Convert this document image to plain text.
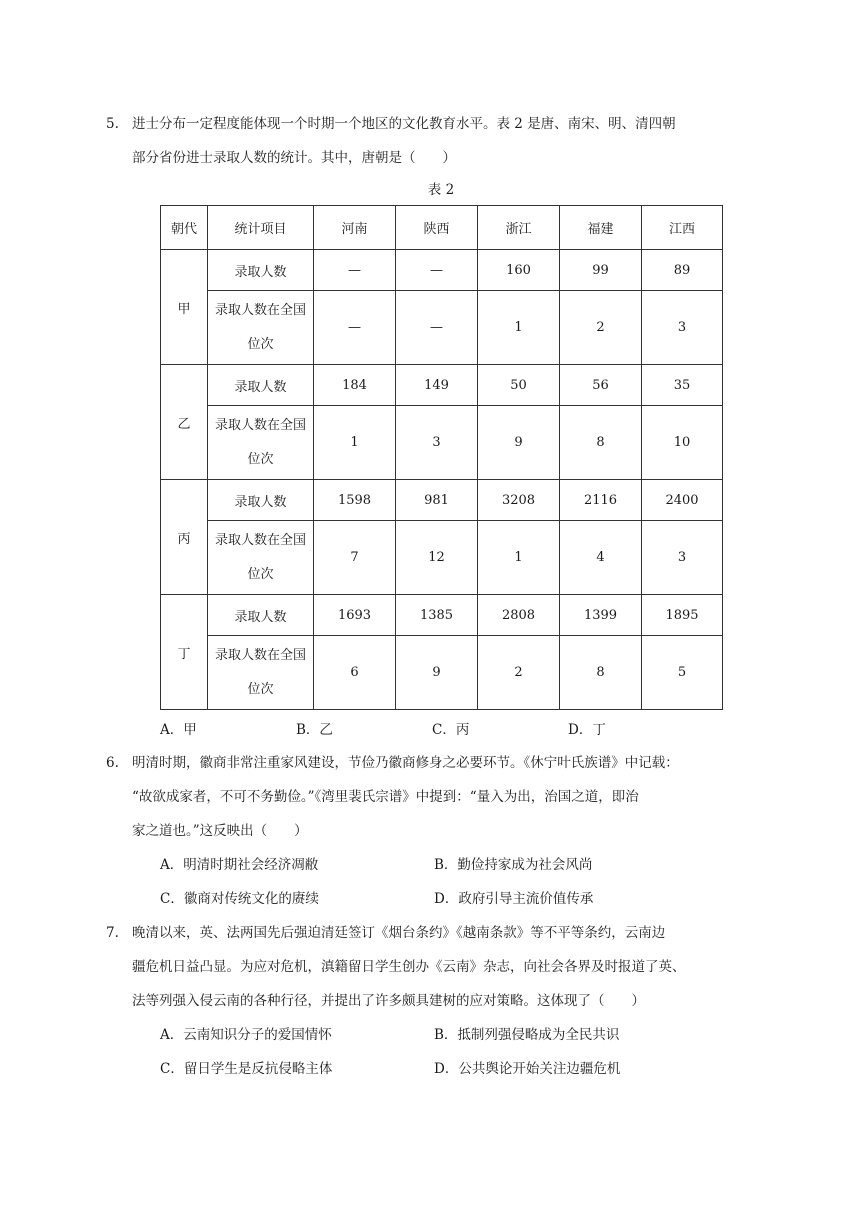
5. 进士分布一定程度能体现一个时期一个地区的文化教育水平。表 2 是唐、南宋、明、清四朝

部分省份进士录取人数的统计。其中，唐朝是（　　）

表 2
朝代	统计项目	河南	陕西	浙江	福建	江西
甲	录取人数	—	—	160	99	89
	录取人数在全国
位次	—	—	1	2	3
乙	录取人数	184	149	50	56	35
	录取人数在全国
位次	1	3	9	8	10
丙	录取人数	1598	981	3208	2116	2400
	录取人数在全国
位次	7	12	1	4	3
丁	录取人数	1693	1385	2808	1399	1895
	录取人数在全国
位次	6	9	2	8	5
A．甲	B．乙	C．丙	D．丁

6. 明清时期，徽商非常注重家风建设，节俭乃徽商修身之必要环节。《休宁叶氏族谱》中记载：

“故欲成家者，不可不务勤俭。”《湾里裴氏宗谱》中提到：“量入为出，治国之道，即治

家之道也。”这反映出（　　）

A．明清时期社会经济凋敝	B．勤俭持家成为社会风尚
C．徽商对传统文化的赓续	D．政府引导主流价值传承

7. 晚清以来，英、法两国先后强迫清廷签订《烟台条约》《越南条款》等不平等条约，云南边

疆危机日益凸显。为应对危机，滇籍留日学生创办《云南》杂志，向社会各界及时报道了英、

法等列强入侵云南的各种行径，并提出了许多颇具建树的应对策略。这体现了（　　）

A．云南知识分子的爱国情怀	B．抵制列强侵略成为全民共识
C．留日学生是反抗侵略主体	D．公共舆论开始关注边疆危机
